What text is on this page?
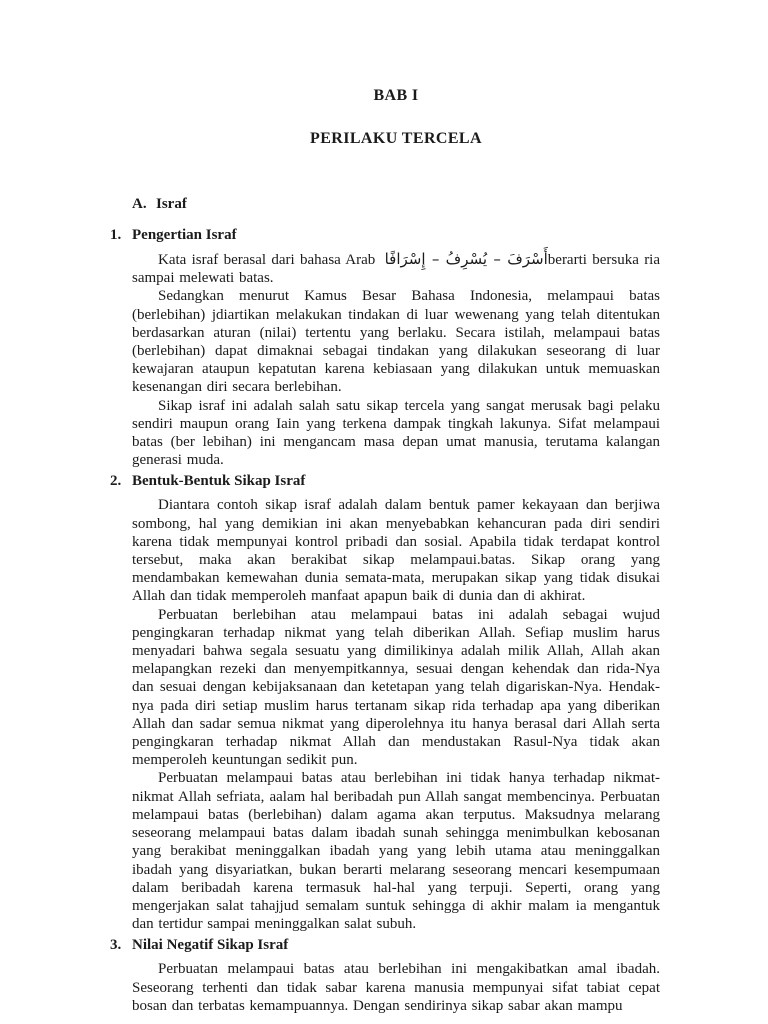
BAB I
PERILAKU TERCELA
A. Israf
1. Pengertian Israf

Kata israf berasal dari bahasa Arab أَسْرَفَ – يُسْرِفُ – إِسْرَافًاberarti bersuka ria sampai melewati batas.

Sedangkan menurut Kamus Besar Bahasa Indonesia, melampaui batas (berlebihan) jdiartikan melakukan tindakan di luar wewenang yang telah ditentukan berdasarkan aturan (nilai) tertentu yang berlaku. Secara istilah, melampaui batas (berlebihan) dapat dimaknai sebagai tindakan yang dilakukan seseorang di luar kewajaran ataupun kepatutan karena kebiasaan yang dilakukan untuk memuaskan kesenangan diri secara berlebihan.

Sikap israf ini adalah salah satu sikap tercela yang sangat merusak bagi pelaku sendiri maupun orang Iain yang terkena dampak tingkah lakunya. Sifat melampaui batas (ber lebihan) ini mengancam masa depan umat manusia, terutama kalangan generasi muda.

2. Bentuk-Bentuk Sikap Israf

Diantara contoh sikap israf adalah dalam bentuk pamer kekayaan dan berjiwa sombong, hal yang demikian ini akan menyebabkan kehancuran pada diri sendiri karena tidak mempunyai kontrol pribadi dan sosial. Apabila tidak terdapat kontrol tersebut, maka akan berakibat sikap melampaui.batas. Sikap orang yang mendambakan kemewahan dunia semata-mata, merupakan sikap yang tidak disukai Allah dan tidak memperoleh manfaat apapun baik di dunia dan di akhirat.

Perbuatan berlebihan atau melampaui batas ini adalah sebagai wujud pengingkaran terhadap nikmat yang telah diberikan Allah. Sefiap muslim harus menyadari bahwa segala sesuatu yang dimilikinya adalah milik Allah, Allah akan melapangkan rezeki dan menyempitkannya, sesuai dengan kehendak dan rida-Nya dan sesuai dengan kebijaksanaan dan ketetapan yang telah digariskan-Nya. Hendak-nya pada diri setiap muslim harus tertanam sikap rida terhadap apa yang diberikan Allah dan sadar semua nikmat yang diperolehnya itu hanya berasal dari Allah serta pengingkaran terhadap nikmat Allah dan mendustakan Rasul-Nya tidak akan memperoleh keuntungan sedikit pun.

Perbuatan melampaui batas atau berlebihan ini tidak hanya terhadap nikmat-nikmat Allah sefriata, aalam hal beribadah pun Allah sangat membencinya. Perbuatan melampaui batas (berlebihan) dalam agama akan terputus. Maksudnya melarang seseorang melampaui batas dalam ibadah sunah sehingga menimbulkan kebosanan yang berakibat meninggalkan ibadah yang yang lebih utama atau meninggalkan ibadah yang disyariatkan, bukan berarti melarang seseorang mencari kesempumaan dalam beribadah karena termasuk hal-hal yang terpuji. Seperti, orang yang mengerjakan salat tahajjud semalam suntuk sehingga di akhir malam ia mengantuk dan tertidur sampai meninggalkan salat subuh.

3. Nilai Negatif Sikap Israf

Perbuatan melampaui batas atau berlebihan ini mengakibatkan amal ibadah. Seseorang terhenti dan tidak sabar karena manusia mempunyai sifat tabiat cepat bosan dan terbatas kemampuannya. Dengan sendirinya sikap sabar akan mampu
